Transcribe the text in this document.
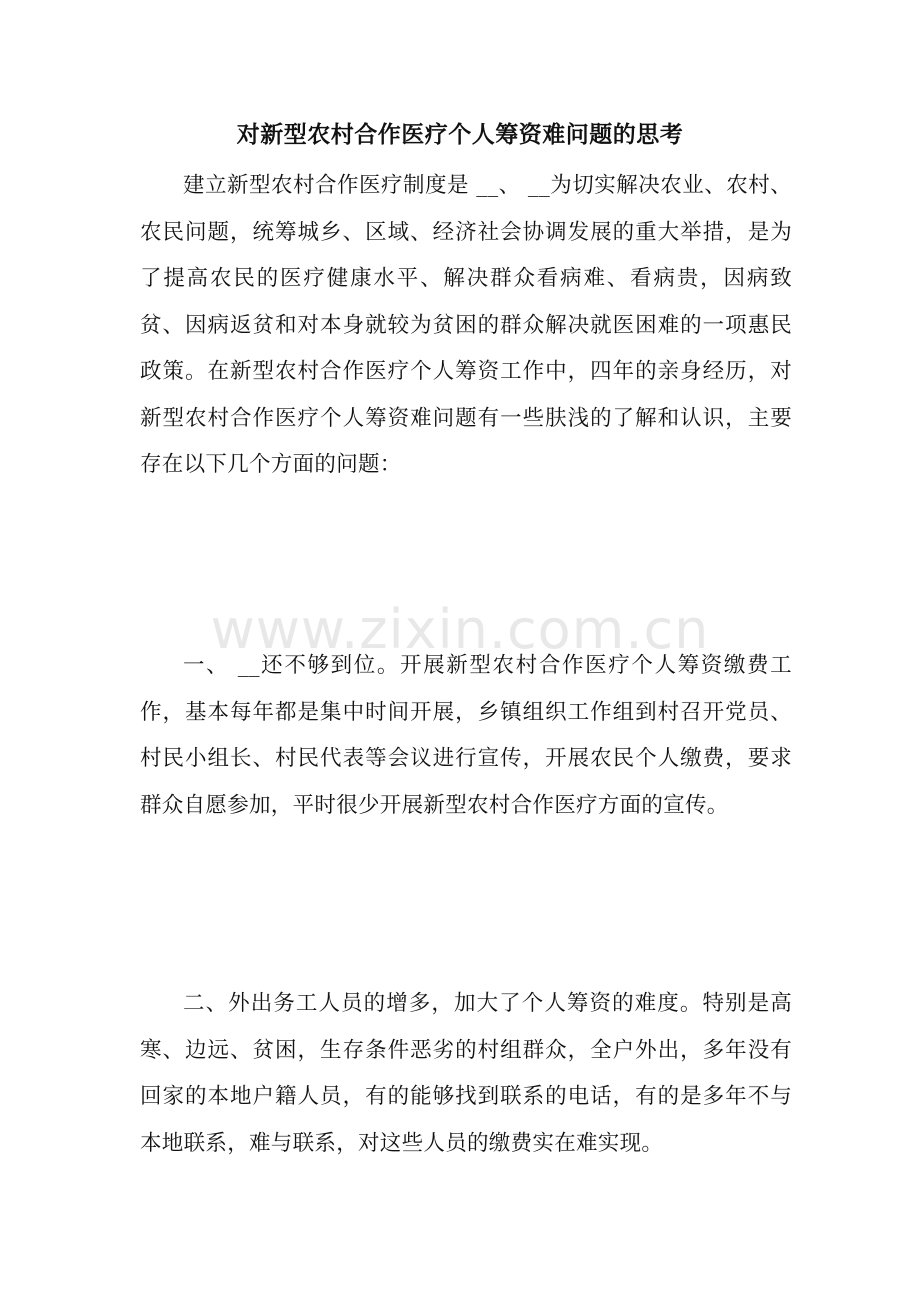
对新型农村合作医疗个人筹资难问题的思考
建立新型农村合作医疗制度是 __、 __为切实解决农业、农村、农民问题，统筹城乡、区域、经济社会协调发展的重大举措，是为了提高农民的医疗健康水平、解决群众看病难、看病贵，因病致贫、因病返贫和对本身就较为贫困的群众解决就医困难的一项惠民政策。在新型农村合作医疗个人筹资工作中，四年的亲身经历，对新型农村合作医疗个人筹资难问题有一些肤浅的了解和认识，主要存在以下几个方面的问题：
www.zixin.com.cn
一、 __还不够到位。开展新型农村合作医疗个人筹资缴费工作，基本每年都是集中时间开展，乡镇组织工作组到村召开党员、村民小组长、村民代表等会议进行宣传，开展农民个人缴费，要求群众自愿参加，平时很少开展新型农村合作医疗方面的宣传。
二、外出务工人员的增多，加大了个人筹资的难度。特别是高寒、边远、贫困，生存条件恶劣的村组群众，全户外出，多年没有回家的本地户籍人员，有的能够找到联系的电话，有的是多年不与本地联系，难与联系，对这些人员的缴费实在难实现。
